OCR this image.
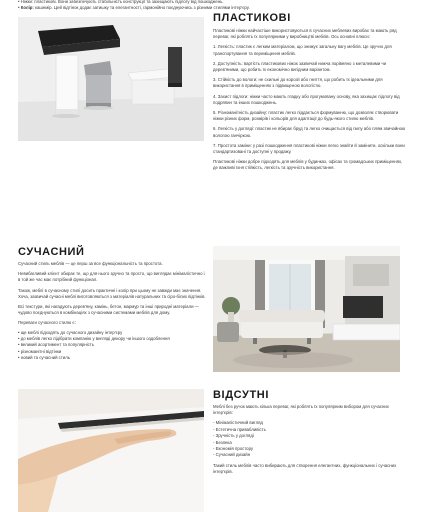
• Ніжки: пластикові. Вони забезпечують стабільність конструкції та захищають підлогу від пошкоджень.

• Колір: кашемір. Цей відтінок додає затишку та елегантності, гармонійно поєднуючись з різними стилями інтер'єру.

ПЛАСТИКОВІ

Пластикові ніжки найчастіше використовуються в сучасних меблевих виробах та мають ряд переваг, які роблять їх популярними у виробництві меблів. Ось основні плюси:

1. Легкість: пластик є легким матеріалом, що знижує загальну вагу меблів. Це зручно для транспортування та переміщення меблів.

2. Доступність: вартість пластикових ніжок зазвичай нижча порівняно з металевими чи дерев'яними, що робить їх економічно вигідним варіантом.

3. Стійкість до вологи: не схильні до корозії або гниття, що робить їх ідеальними для використання в приміщеннях з підвищеною вологістю.

4. Захист підлоги: ніжки часто мають гладку або прогумовану основу, яка захищає підлогу від подряпин та інших пошкоджень.

5. Різноманітність дизайну: пластик легко піддається формуванню, що дозволяє створювати ніжки різних форм, розмірів і кольорів для адаптації до будь-якого стилю меблів.

6. Легкість у догляді: пластик не вбирає бруд та легко очищається від пилу або плям звичайною вологою ганчіркою.

7. Простота заміни: у разі пошкодження пластикові ніжки легко знайти й замінити, оскільки вони стандартизовані та доступні у продажу.

Пластикові ніжки добре підходять для меблів у будинках, офісах та громадських приміщеннях, де важливі їхня стійкість, легкість та зручність використання.

СУЧАСНИЙ

Сучасний стиль меблів — це перш за все функціональність та простота.

Невибагливий клієнт обирає те, що для нього зручно та просто, що виглядає мінімалістично і в той же час має потрібний функціонал.

Також, меблі в сучасному стилі досить практичні і колір при цьому не завжди має значення. Хоча, зазвичай сучасні меблі виготовляються з матеріалів натуральних та сіро-білих відтінків.

Всі текстури, які нагадують дерев'яну, камінь, бетон, мармур та інші природні матеріали — чудово поєднуються в комбінаціях з сучасними системами меблів для дому.

Переваги сучасного стилю є:

• ще меблі підходять до сучасного дизайну інтер'єру
• до меблів легко підібрати компанію у вигляді декору чи іншого оздоблення
• великий асортимент та популярність
• різноманітні відтінки
• новий та сучасний стиль
ВІДСУТНІ

Меблі без ручок мають кілька переваг, які роблять їх популярним вибором для сучасних інтер'єрів:

- Мінімалістичний вигляд
- Естетична привабливість
- Зручність у догляді
- Безпека
- Економія простору
- Сучасний дизайн

Такий стиль меблів часто вибирають для створення елегантних, функціональних і сучасних інтер'єрів.
